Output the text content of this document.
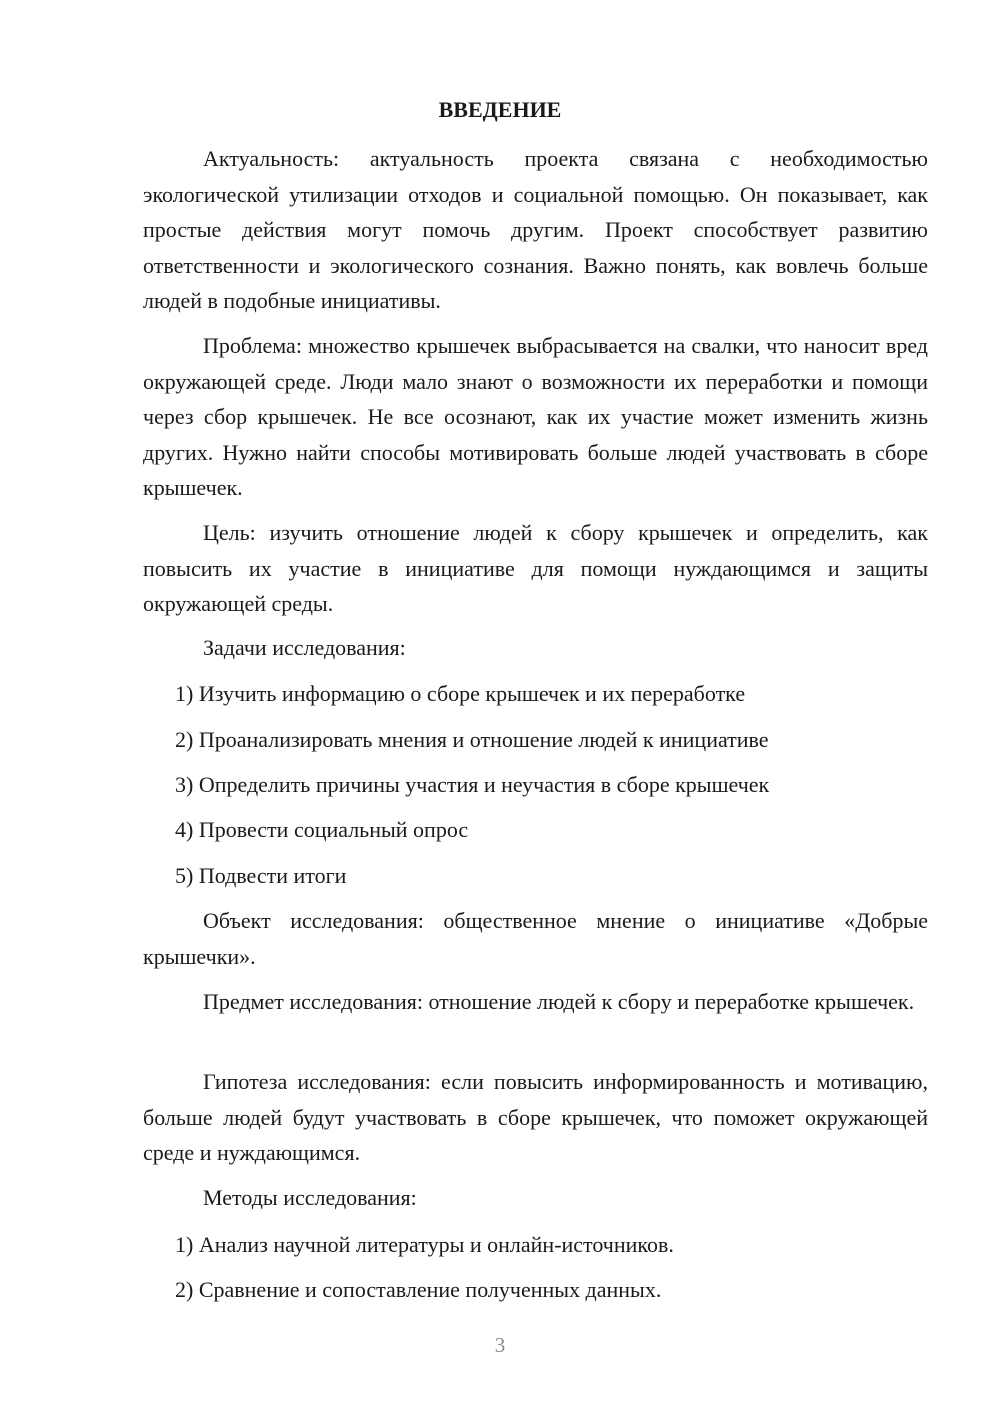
ВВЕДЕНИЕ

Актуальность: актуальность проекта связана с необходимостью экологической утилизации отходов и социальной помощью. Он показывает, как простые действия могут помочь другим. Проект способствует развитию ответственности и экологического сознания. Важно понять, как вовлечь больше людей в подобные инициативы.

Проблема: множество крышечек выбрасывается на свалки, что наносит вред окружающей среде. Люди мало знают о возможности их переработки и помощи через сбор крышечек. Не все осознают, как их участие может изменить жизнь других. Нужно найти способы мотивировать больше людей участвовать в сборе крышечек.

Цель: изучить отношение людей к сбору крышечек и определить, как повысить их участие в инициативе для помощи нуждающимся и защиты окружающей среды.

Задачи исследования:

1) Изучить информацию о сборе крышечек и их переработке

2) Проанализировать мнения и отношение людей к инициативе

3) Определить причины участия и неучастия в сборе крышечек

4) Провести социальный опрос

5) Подвести итоги

Объект исследования: общественное мнение о инициативе «Добрые крышечки».

Предмет исследования: отношение людей к сбору и переработке крышечек.

Гипотеза исследования: если повысить информированность и мотивацию, больше людей будут участвовать в сборе крышечек, что поможет окружающей среде и нуждающимся.

Методы исследования:

1) Анализ научной литературы и онлайн-источников.

2) Сравнение и сопоставление полученных данных.

3
